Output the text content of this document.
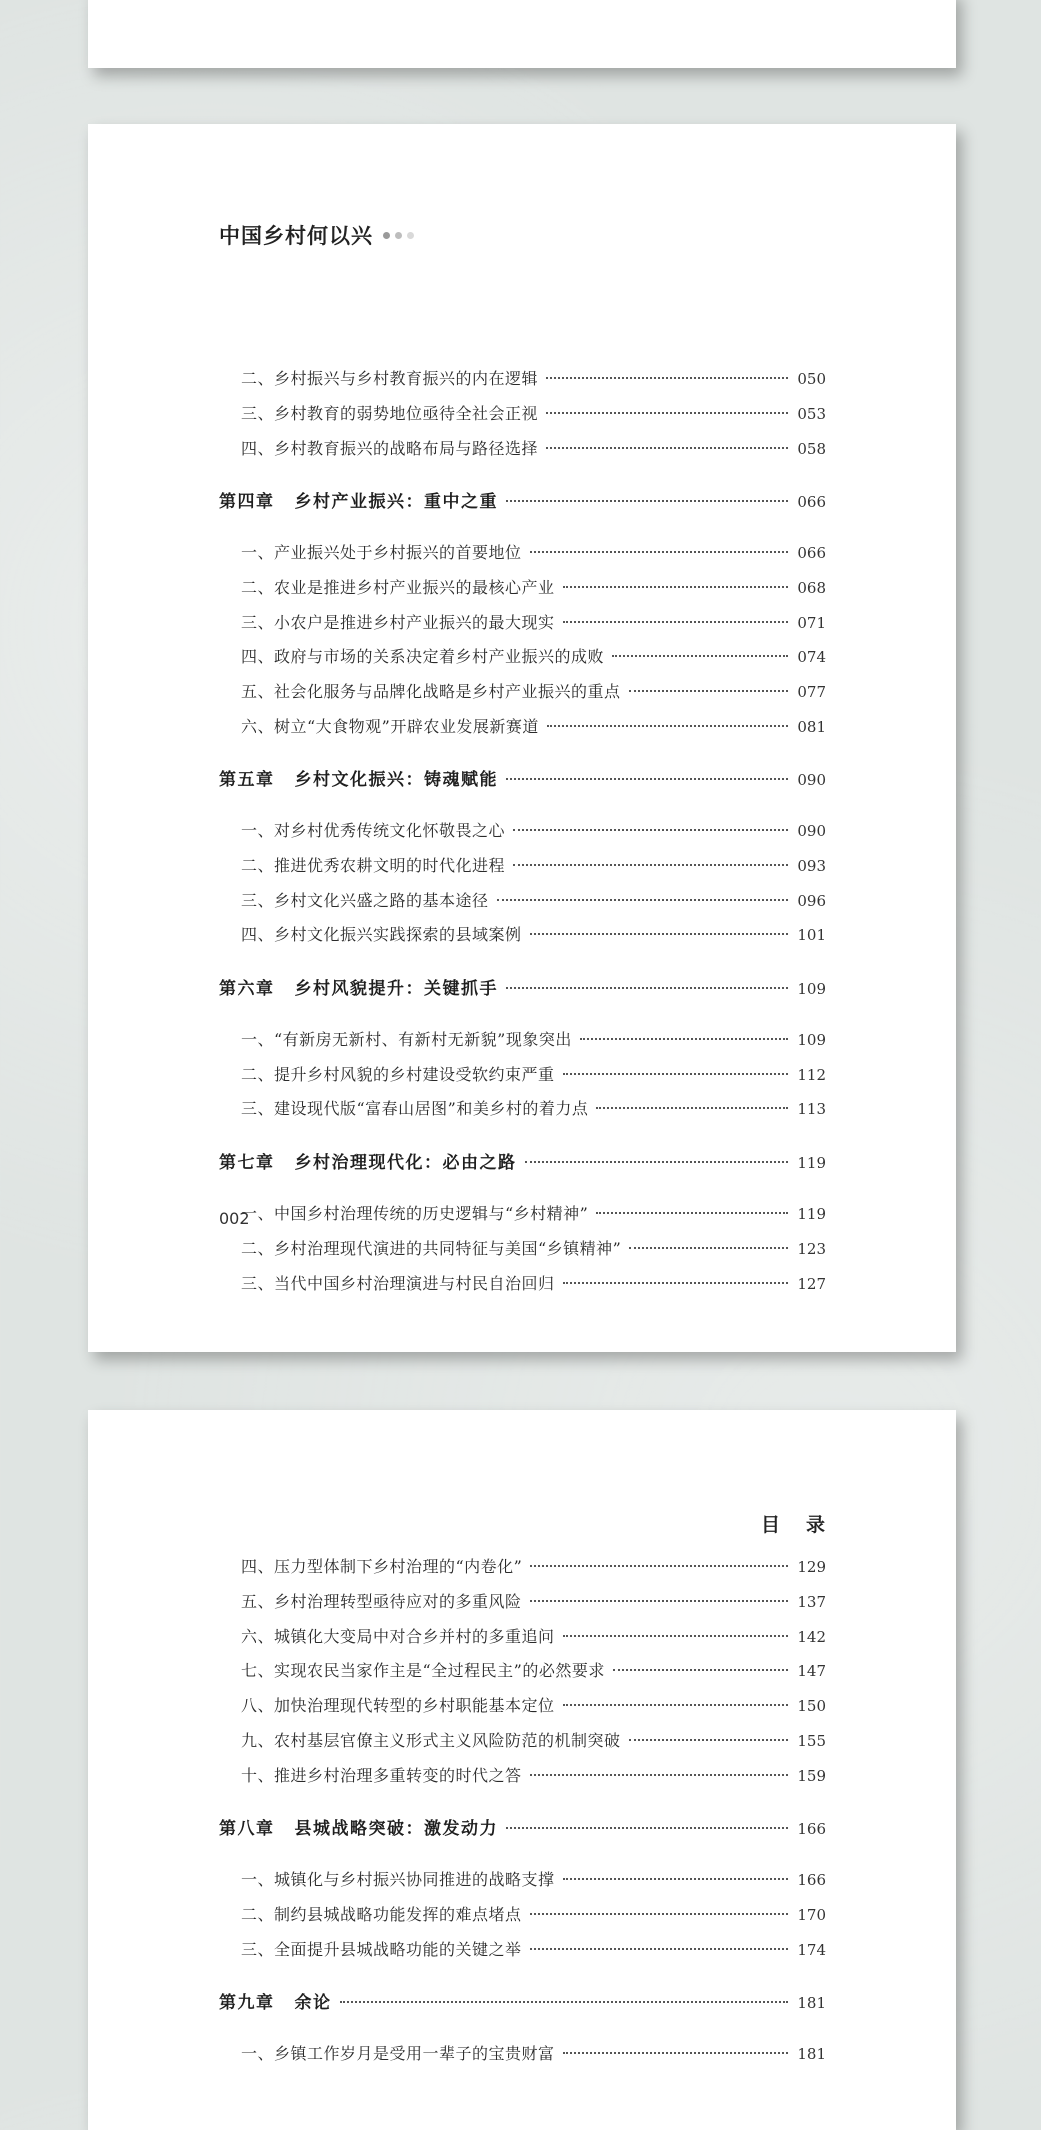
中国乡村何以兴
二、乡村振兴与乡村教育振兴的内在逻辑	050
三、乡村教育的弱势地位亟待全社会正视	053
四、乡村教育振兴的战略布局与路径选择	058
第四章 乡村产业振兴：重中之重	066
一、产业振兴处于乡村振兴的首要地位	066
二、农业是推进乡村产业振兴的最核心产业	068
三、小农户是推进乡村产业振兴的最大现实	071
四、政府与市场的关系决定着乡村产业振兴的成败	074
五、社会化服务与品牌化战略是乡村产业振兴的重点	077
六、树立“大食物观”开辟农业发展新赛道	081
第五章 乡村文化振兴：铸魂赋能	090
一、对乡村优秀传统文化怀敬畏之心	090
二、推进优秀农耕文明的时代化进程	093
三、乡村文化兴盛之路的基本途径	096
四、乡村文化振兴实践探索的县域案例	101
第六章 乡村风貌提升：关键抓手	109
一、“有新房无新村、有新村无新貌”现象突出	109
二、提升乡村风貌的乡村建设受软约束严重	112
三、建设现代版“富春山居图”和美乡村的着力点	113
第七章 乡村治理现代化：必由之路	119
一、中国乡村治理传统的历史逻辑与“乡村精神”	119
二、乡村治理现代演进的共同特征与美国“乡镇精神”	123
三、当代中国乡村治理演进与村民自治回归	127
002
目录
四、压力型体制下乡村治理的“内卷化”	129
五、乡村治理转型亟待应对的多重风险	137
六、城镇化大变局中对合乡并村的多重追问	142
七、实现农民当家作主是“全过程民主”的必然要求	147
八、加快治理现代转型的乡村职能基本定位	150
九、农村基层官僚主义形式主义风险防范的机制突破	155
十、推进乡村治理多重转变的时代之答	159
第八章 县城战略突破：激发动力	166
一、城镇化与乡村振兴协同推进的战略支撑	166
二、制约县城战略功能发挥的难点堵点	170
三、全面提升县城战略功能的关键之举	174
第九章 余论	181
一、乡镇工作岁月是受用一辈子的宝贵财富	181
